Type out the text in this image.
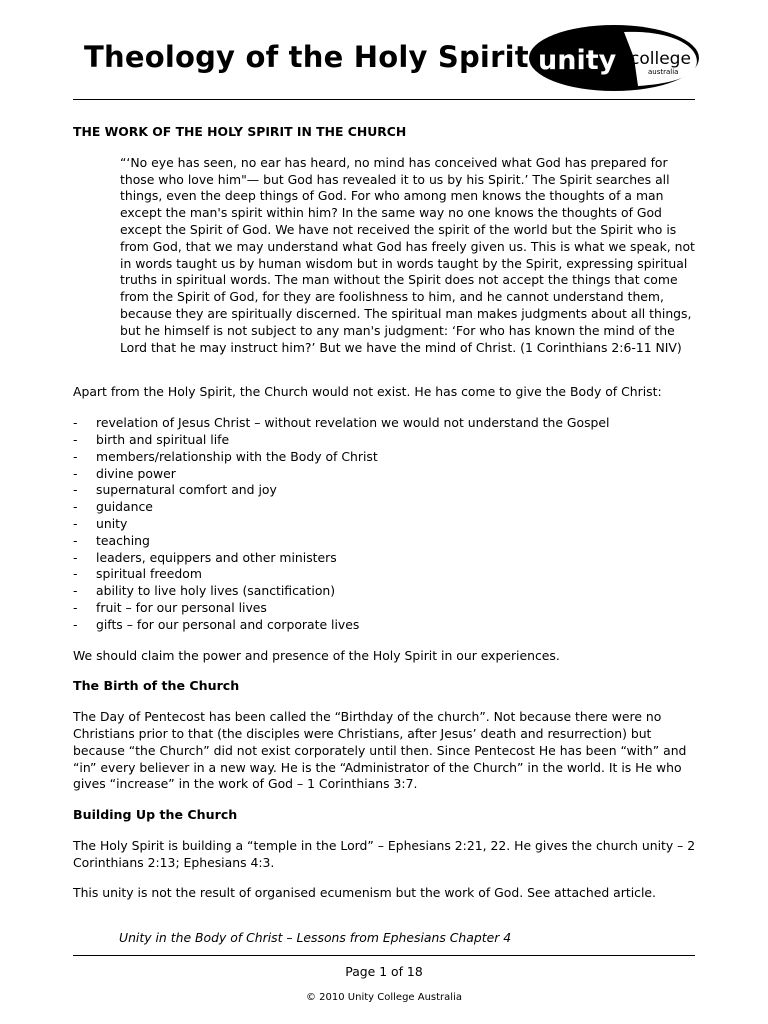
Theology of the Holy Spirit unity college
australia

THE WORK OF THE HOLY SPIRIT IN THE CHURCH

“‘No eye has seen, no ear has heard, no mind has conceived what God has prepared for those who love him"— but God has revealed it to us by his Spirit.’ The Spirit searches all things, even the deep things of God. For who among men knows the thoughts of a man except the man's spirit within him? In the same way no one knows the thoughts of God except the Spirit of God. We have not received the spirit of the world but the Spirit who is from God, that we may understand what God has freely given us. This is what we speak, not in words taught us by human wisdom but in words taught by the Spirit, expressing spiritual truths in spiritual words. The man without the Spirit does not accept the things that come from the Spirit of God, for they are foolishness to him, and he cannot understand them, because they are spiritually discerned. The spiritual man makes judgments about all things, but he himself is not subject to any man's judgment: ‘For who has known the mind of the Lord that he may instruct him?’ But we have the mind of Christ. (1 Corinthians 2:6-11 NIV)

Apart from the Holy Spirit, the Church would not exist. He has come to give the Body of Christ:

- revelation of Jesus Christ – without revelation we would not understand the Gospel
- birth and spiritual life
- members/relationship with the Body of Christ
- divine power
- supernatural comfort and joy
- guidance
- unity
- teaching
- leaders, equippers and other ministers
- spiritual freedom
- ability to live holy lives (sanctification)
- fruit – for our personal lives
- gifts – for our personal and corporate lives

We should claim the power and presence of the Holy Spirit in our experiences.

The Birth of the Church

The Day of Pentecost has been called the “Birthday of the church”. Not because there were no Christians prior to that (the disciples were Christians, after Jesus’ death and resurrection) but because “the Church” did not exist corporately until then. Since Pentecost He has been “with” and “in” every believer in a new way. He is the “Administrator of the Church” in the world. It is He who gives “increase” in the work of God – 1 Corinthians 3:7.

Building Up the Church

The Holy Spirit is building a “temple in the Lord” – Ephesians 2:21, 22. He gives the church unity – 2 Corinthians 2:13; Ephesians 4:3.

This unity is not the result of organised ecumenism but the work of God. See attached article.

Unity in the Body of Christ – Lessons from Ephesians Chapter 4
Page 1 of 18
© 2010 Unity College Australia
